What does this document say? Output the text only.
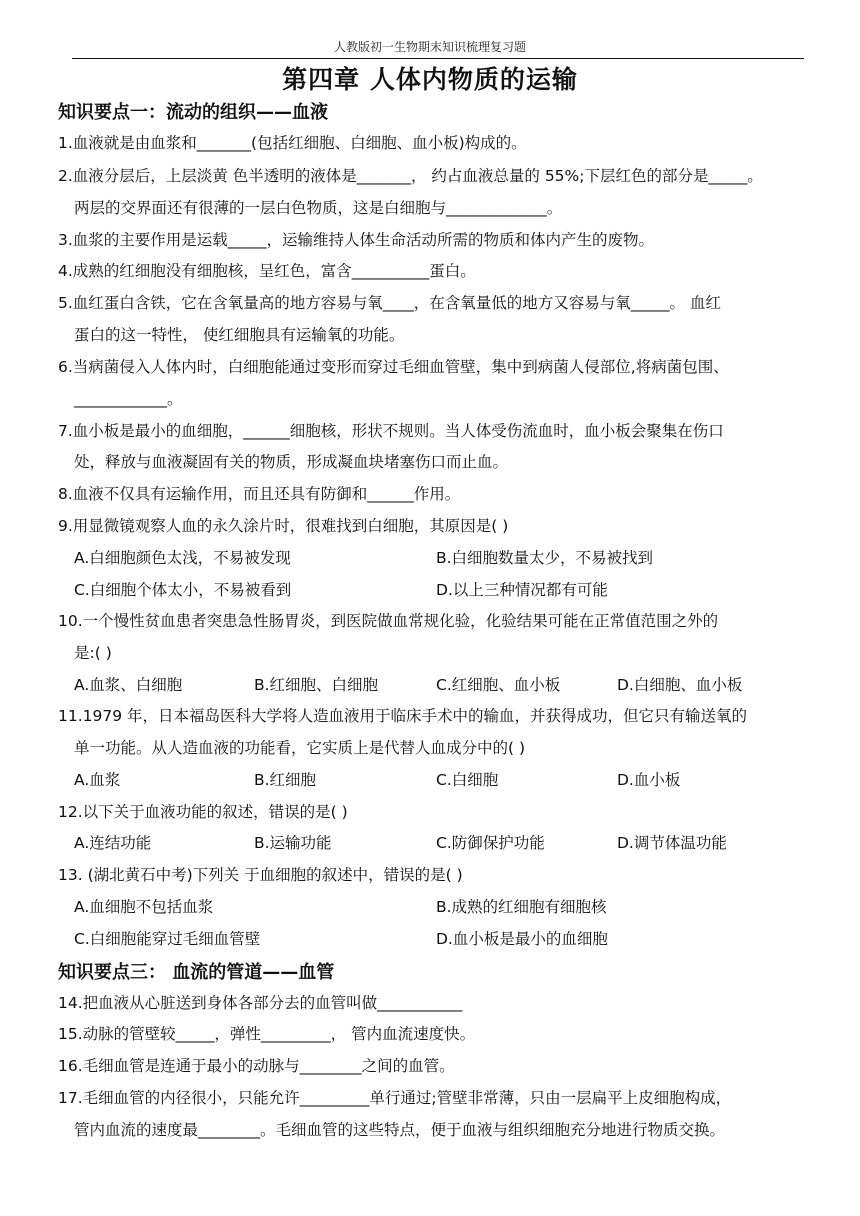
人教版初一生物期末知识梳理复习题
第四章 人体内物质的运输
知识要点一：流动的组织——血液
1.血液就是由血浆和_______(包括红细胞、白细胞、血小板)构成的。
2.血液分层后，上层淡黄 色半透明的液体是_______， 约占血液总量的 55%;下层红色的部分是_____。
两层的交界面还有很薄的一层白色物质，这是白细胞与_____________。
3.血浆的主要作用是运载_____，运输维持人体生命活动所需的物质和体内产生的废物。
4.成熟的红细胞没有细胞核，呈红色，富含__________蛋白。
5.血红蛋白含铁，它在含氧量高的地方容易与氧____，在含氧量低的地方又容易与氧_____。 血红
蛋白的这一特性， 使红细胞具有运输氧的功能。
6.当病菌侵入人体内时，白细胞能通过变形而穿过毛细血管壁，集中到病菌人侵部位,将病菌包围、
____________。
7.血小板是最小的血细胞，______细胞核，形状不规则。当人体受伤流血时，血小板会聚集在伤口
处，释放与血液凝固有关的物质，形成凝血块堵塞伤口而止血。
8.血液不仅具有运输作用，而且还具有防御和______作用。
9.用显微镜观察人血的永久涂片时，很难找到白细胞，其原因是( )
A.白细胞颜色太浅，不易被发现	B.白细胞数量太少，不易被找到
C.白细胞个体太小，不易被看到	D.以上三种情况都有可能
10.一个慢性贫血患者突患急性肠胃炎，到医院做血常规化验，化验结果可能在正常值范围之外的
是:( )
A.血浆、白细胞	B.红细胞、白细胞	C.红细胞、血小板	D.白细胞、血小板
11.1979 年，日本福岛医科大学将人造血液用于临床手术中的输血，并获得成功，但它只有输送氧的
单一功能。从人造血液的功能看，它实质上是代替人血成分中的( )
A.血浆	B.红细胞	C.白细胞	D.血小板
12.以下关于血液功能的叙述，错误的是( )
A.连结功能	B.运输功能	C.防御保护功能	D.调节体温功能
13. (湖北黄石中考)下列关 于血细胞的叙述中，错误的是( )
A.血细胞不包括血浆	B.成熟的红细胞有细胞核
C.白细胞能穿过毛细血管壁	D.血小板是最小的血细胞
知识要点三： 血流的管道——血管
14.把血液从心脏送到身体各部分去的血管叫做___________
15.动脉的管壁较_____，弹性_________， 管内血流速度快。
16.毛细血管是连通于最小的动脉与________之间的血管。
17.毛细血管的内径很小，只能允许_________单行通过;管壁非常薄，只由一层扁平上皮细胞构成，
管内血流的速度最________。毛细血管的这些特点，便于血液与组织细胞充分地进行物质交换。
